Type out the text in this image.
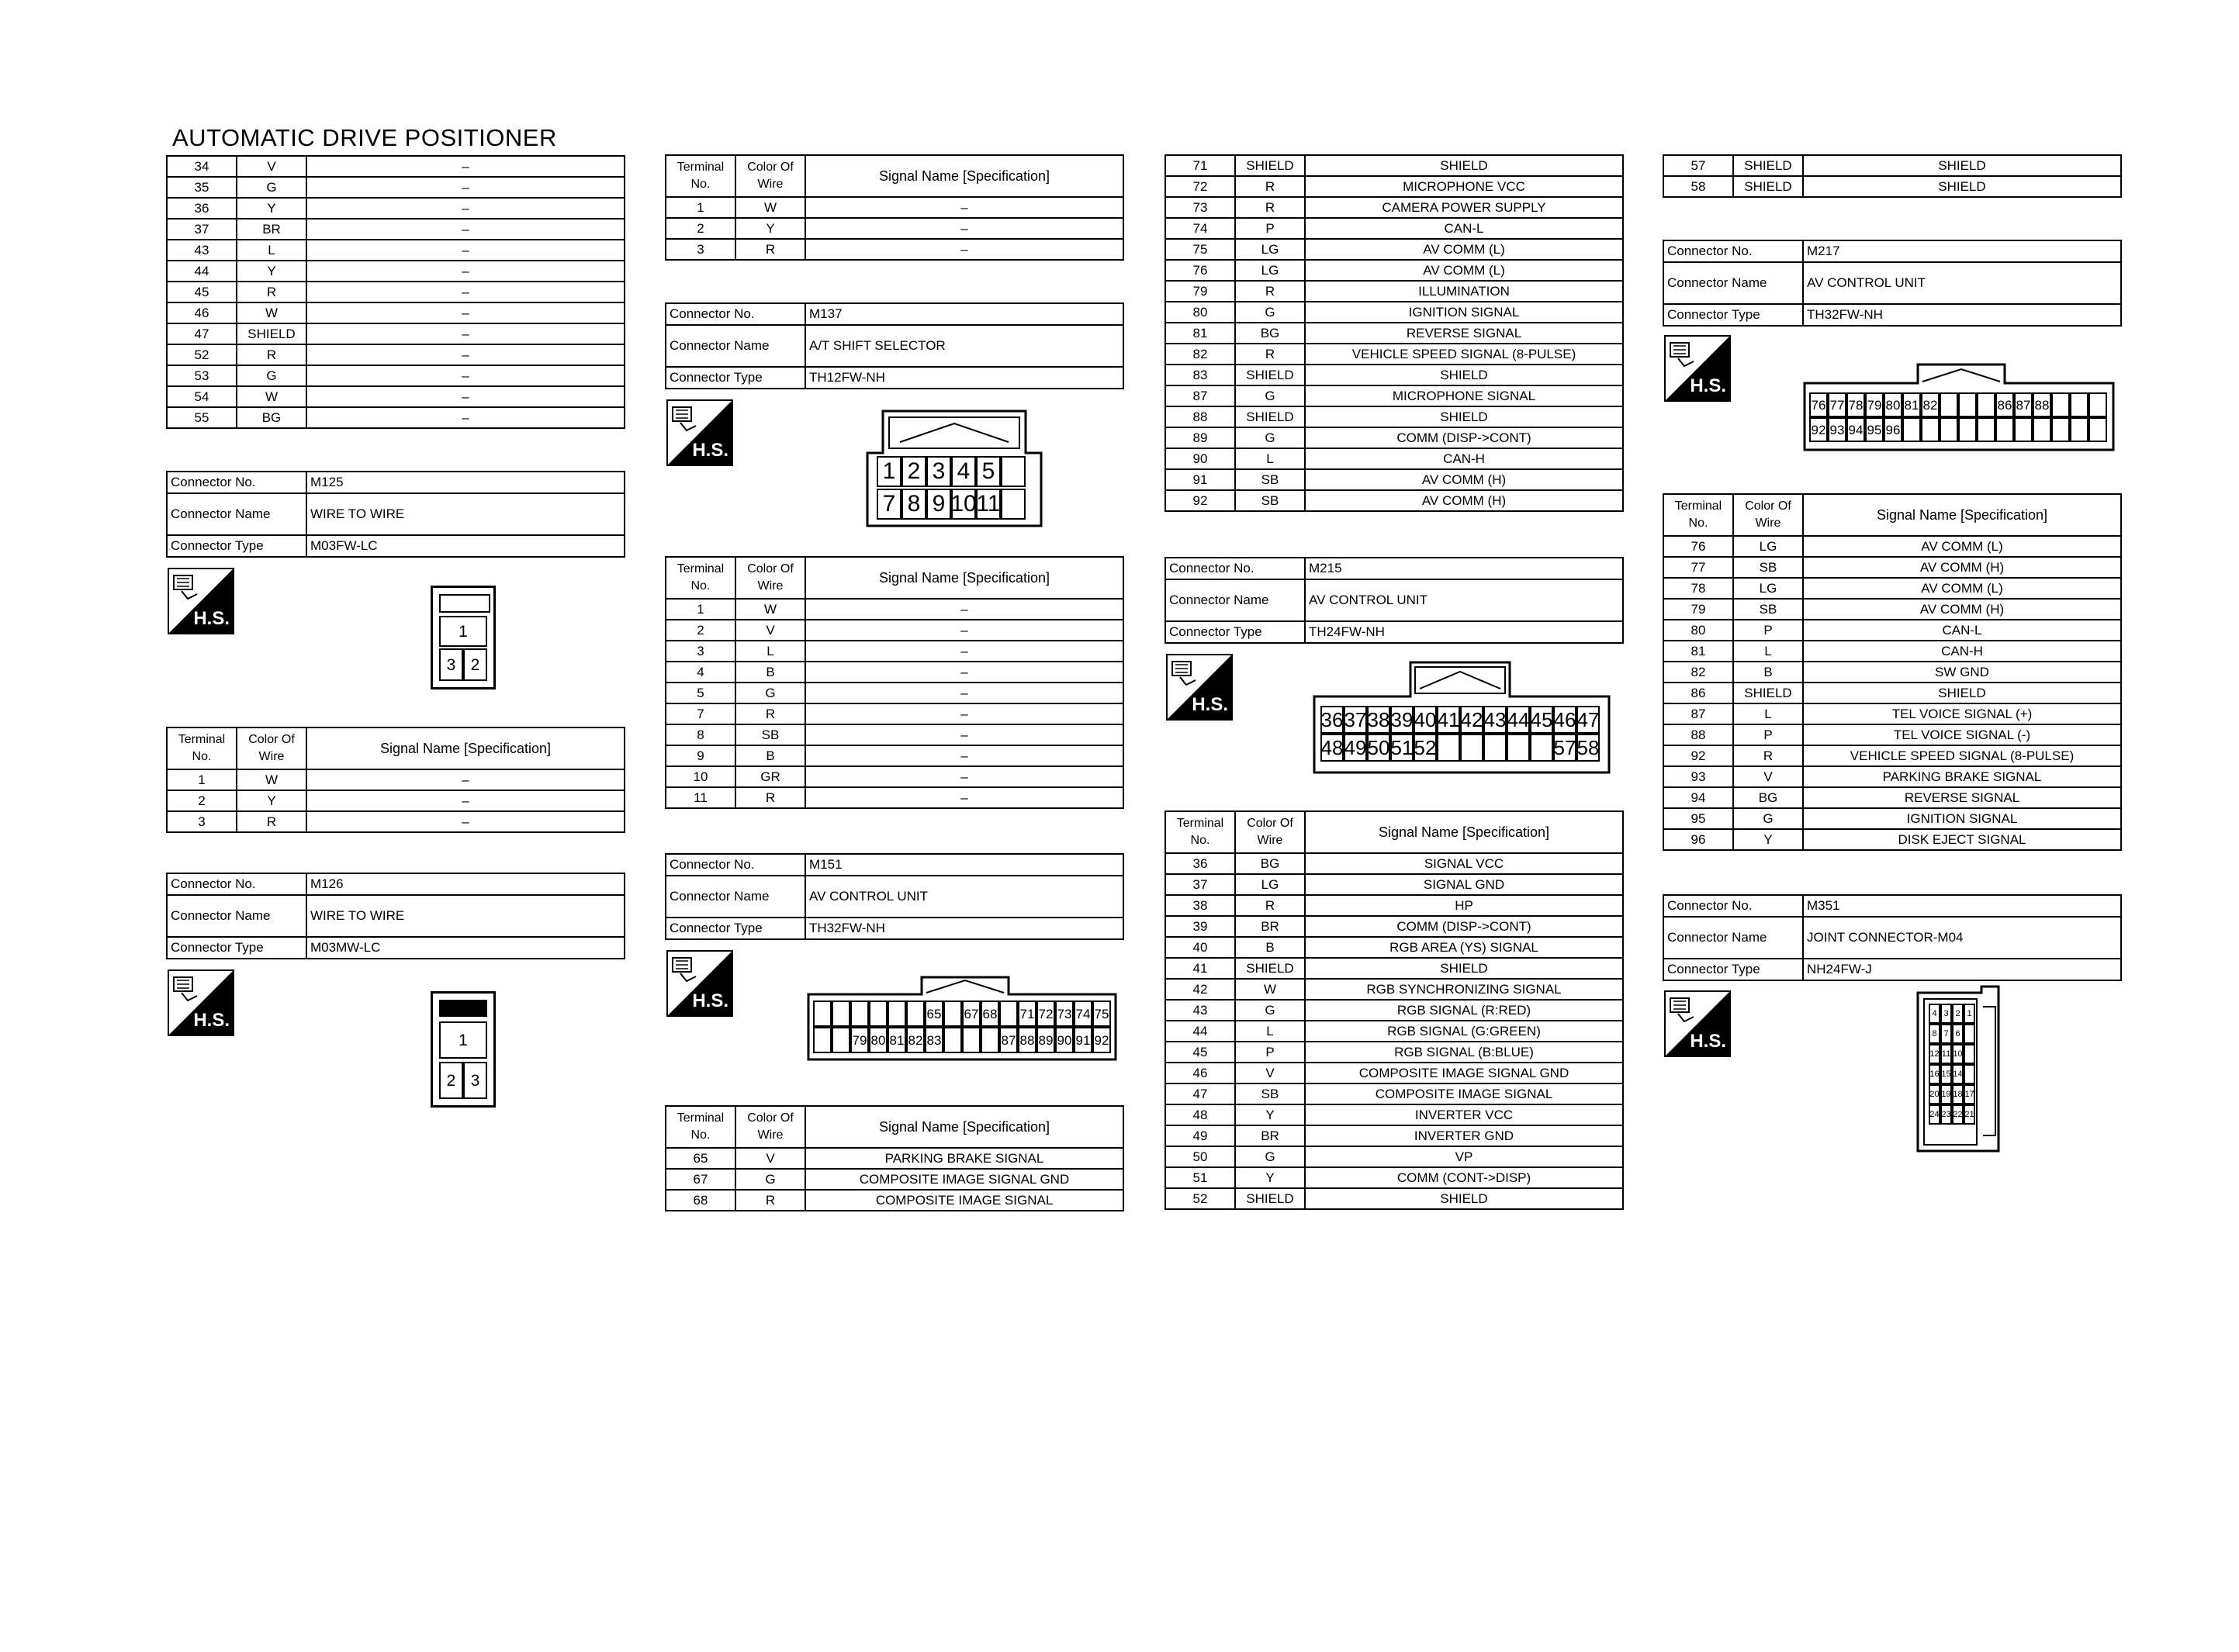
AUTOMATIC DRIVE POSITIONER
34	V	–
35	G	–
36	Y	–
37	BR	–
43	L	–
44	Y	–
45	R	–
46	W	–
47	SHIELD	–
52	R	–
53	G	–
54	W	–
55	BG	–
Connector No.	M125
Connector Name	WIRE TO WIRE
Connector Type	M03FW-LC
H.S.
1
3 2
Terminal No.	Color Of Wire	Signal Name [Specification]
1	W	–
2	Y	–
3	R	–
Connector No.	M126
Connector Name	WIRE TO WIRE
Connector Type	M03MW-LC
H.S.
1
2 3
Terminal No.	Color Of Wire	Signal Name [Specification]
1	W	–
2	Y	–
3	R	–
Connector No.	M137
Connector Name	A/T SHIFT SELECTOR
Connector Type	TH12FW-NH
H.S.
1 2 3 4 5
7 8 9 10 11
Terminal No.	Color Of Wire	Signal Name [Specification]
1	W	–
2	V	–
3	L	–
4	B	–
5	G	–
7	R	–
8	SB	–
9	B	–
10	GR	–
11	R	–
Connector No.	M151
Connector Name	AV CONTROL UNIT
Connector Type	TH32FW-NH
H.S.
79 80 81 82
65
83
67 68
87
71
88
72
89
73
90
74
91
75
92
Terminal No.	Color Of Wire	Signal Name [Specification]
65	V	PARKING BRAKE SIGNAL
67	G	COMPOSITE IMAGE SIGNAL GND
68	R	COMPOSITE IMAGE SIGNAL
71	SHIELD	SHIELD
72	R	MICROPHONE VCC
73	R	CAMERA POWER SUPPLY
74	P	CAN-L
75	LG	AV COMM (L)
76	LG	AV COMM (L)
79	R	ILLUMINATION
80	G	IGNITION SIGNAL
81	BG	REVERSE SIGNAL
82	R	VEHICLE SPEED SIGNAL (8-PULSE)
83	SHIELD	SHIELD
87	G	MICROPHONE SIGNAL
88	SHIELD	SHIELD
89	G	COMM (DISP->CONT)
90	L	CAN-H
91	SB	AV COMM (H)
92	SB	AV COMM (H)
Connector No.	M215
Connector Name	AV CONTROL UNIT
Connector Type	TH24FW-NH
H.S.
36
48
37
49
38
50
39
51
40
52
41 42 43 44 45 46
57
47
58
Terminal No.	Color Of Wire	Signal Name [Specification]
36	BG	SIGNAL VCC
37	LG	SIGNAL GND
38	R	HP
39	BR	COMM (DISP->CONT)
40	B	RGB AREA (YS) SIGNAL
41	SHIELD	SHIELD
42	W	RGB SYNCHRONIZING SIGNAL
43	G	RGB SIGNAL (R:RED)
44	L	RGB SIGNAL (G:GREEN)
45	P	RGB SIGNAL (B:BLUE)
46	V	COMPOSITE IMAGE SIGNAL GND
47	SB	COMPOSITE IMAGE SIGNAL
48	Y	INVERTER VCC
49	BR	INVERTER GND
50	G	VP
51	Y	COMM (CONT->DISP)
52	SHIELD	SHIELD
57	SHIELD	SHIELD
58	SHIELD	SHIELD
Connector No.	M217
Connector Name	AV CONTROL UNIT
Connector Type	TH32FW-NH
H.S.
76
92
77
93
78
94
79
95
80
96
81 82	86 87 88
Terminal No.	Color Of Wire	Signal Name [Specification]
76	LG	AV COMM (L)
77	SB	AV COMM (H)
78	LG	AV COMM (L)
79	SB	AV COMM (H)
80	P	CAN-L
81	L	CAN-H
82	B	SW GND
86	SHIELD	SHIELD
87	L	TEL VOICE SIGNAL (+)
88	P	TEL VOICE SIGNAL (-)
92	R	VEHICLE SPEED SIGNAL (8-PULSE)
93	V	PARKING BRAKE SIGNAL
94	BG	REVERSE SIGNAL
95	G	IGNITION SIGNAL
96	Y	DISK EJECT SIGNAL
Connector No.	M351
Connector Name	JOINT CONNECTOR-M04
Connector Type	NH24FW-J
H.S.
4 3 2 1
8 7 6
12 11 10
16 15 14
20 19 18 17
24 23 22 21
